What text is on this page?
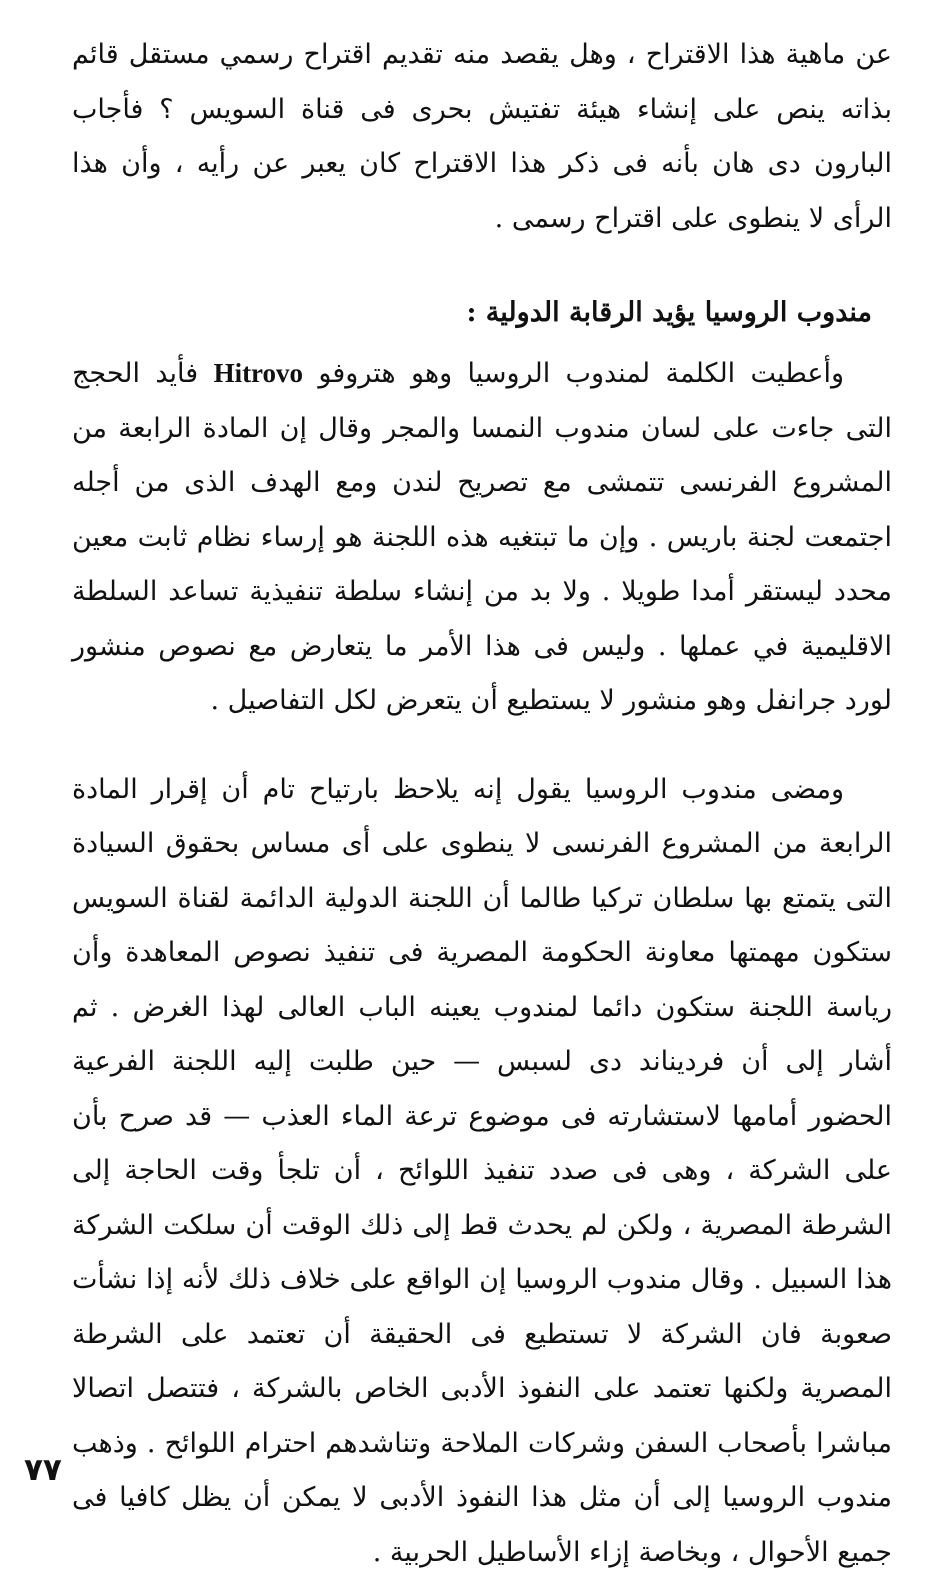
عن ماهية هذا الاقتراح ، وهل يقصد منه تقديم اقتراح رسمي مستقل قائم بذاته ينص على إنشاء هيئة تفتيش بحرى فى قناة السويس ؟ فأجاب البارون دى هان بأنه فى ذكر هذا الاقتراح كان يعبر عن رأيه ، وأن هذا الرأى لا ينطوى على اقتراح رسمى .

مندوب الروسيا يؤيد الرقابة الدولية :

وأعطيت الكلمة لمندوب الروسيا وهو هتروفو Hitrovo فأيد الحجج التى جاءت على لسان مندوب النمسا والمجر وقال إن المادة الرابعة من المشروع الفرنسى تتمشى مع تصريح لندن ومع الهدف الذى من أجله اجتمعت لجنة باريس . وإن ما تبتغيه هذه اللجنة هو إرساء نظام ثابت معين محدد ليستقر أمدا طويلا . ولا بد من إنشاء سلطة تنفيذية تساعد السلطة الاقليمية في عملها . وليس فى هذا الأمر ما يتعارض مع نصوص منشور لورد جرانفل وهو منشور لا يستطيع أن يتعرض لكل التفاصيل .

ومضى مندوب الروسيا يقول إنه يلاحظ بارتياح تام أن إقرار المادة الرابعة من المشروع الفرنسى لا ينطوى على أى مساس بحقوق السيادة التى يتمتع بها سلطان تركيا طالما أن اللجنة الدولية الدائمة لقناة السويس ستكون مهمتها معاونة الحكومة المصرية فى تنفيذ نصوص المعاهدة وأن رياسة اللجنة ستكون دائما لمندوب يعينه الباب العالى لهذا الغرض . ثم أشار إلى أن فرديناند دى لسبس — حين طلبت إليه اللجنة الفرعية الحضور أمامها لاستشارته فى موضوع ترعة الماء العذب — قد صرح بأن على الشركة ، وهى فى صدد تنفيذ اللوائح ، أن تلجأ وقت الحاجة إلى الشرطة المصرية ، ولكن لم يحدث قط إلى ذلك الوقت أن سلكت الشركة هذا السبيل . وقال مندوب الروسيا إن الواقع على خلاف ذلك لأنه إذا نشأت صعوبة فان الشركة لا تستطيع فى الحقيقة أن تعتمد على الشرطة المصرية ولكنها تعتمد على النفوذ الأدبى الخاص بالشركة ، فتتصل اتصالا مباشرا بأصحاب السفن وشركات الملاحة وتناشدهم احترام اللوائح . وذهب مندوب الروسيا إلى أن مثل هذا النفوذ الأدبى لا يمكن أن يظل كافيا فى جميع الأحوال ، وبخاصة إزاء الأساطيل الحربية .

٧٧
